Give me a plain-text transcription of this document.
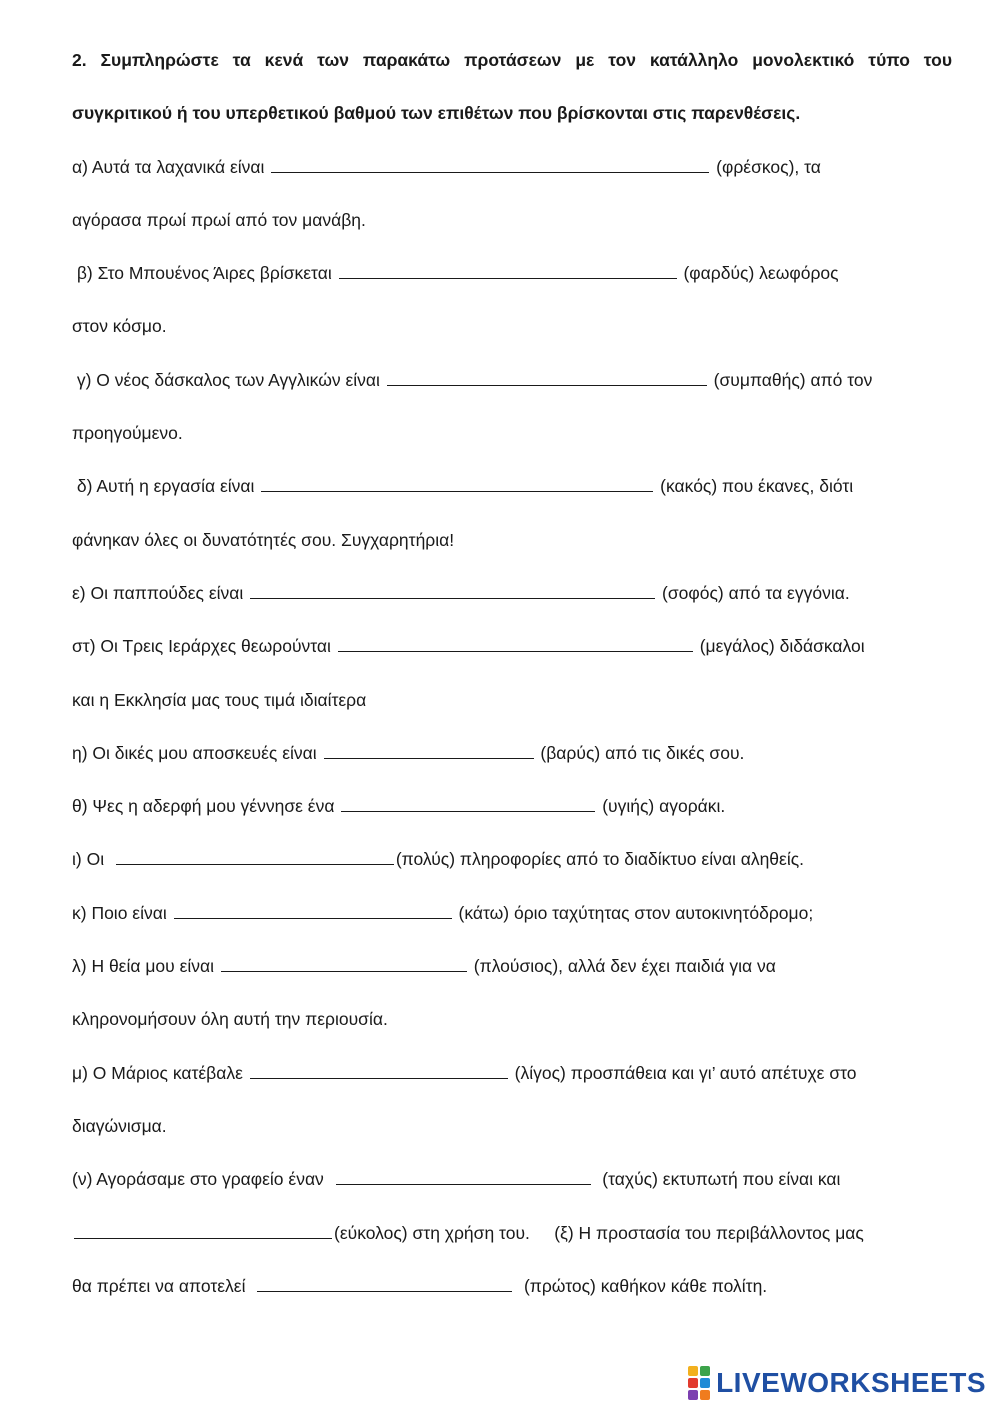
2. Συμπληρώστε τα κενά των παρακάτω προτάσεων με τον κατάλληλο μονολεκτικό τύπο του
συγκριτικού ή του υπερθετικού βαθμού των επιθέτων που βρίσκονται στις παρενθέσεις.
α) Αυτά τα λαχανικά είναι	(φρέσκος), τα
αγόρασα πρωί πρωί από τον μανάβη.
β) Στο Μπουένος Άιρες βρίσκεται	(φαρδύς) λεωφόρος
στον κόσμο.
γ) Ο νέος δάσκαλος των Αγγλικών είναι	(συμπαθής) από τον
προηγούμενο.
δ) Αυτή η εργασία είναι	(κακός) που έκανες, διότι
φάνηκαν όλες οι δυνατότητές σου. Συγχαρητήρια!
ε) Οι παππούδες είναι	(σοφός) από τα εγγόνια.
στ) Οι Τρεις Ιεράρχες θεωρούνται	(μεγάλος) διδάσκαλοι
και η Εκκλησία μας τους τιμά ιδιαίτερα
η) Οι δικές μου αποσκευές είναι	(βαρύς) από τις δικές σου.
θ) Ψες η αδερφή μου γέννησε ένα	(υγιής) αγοράκι.
ι) Οι	(πολύς) πληροφορίες από το διαδίκτυο είναι αληθείς.
κ) Ποιο είναι	(κάτω) όριο ταχύτητας στον αυτοκινητόδρομο;
λ) Η θεία μου είναι	(πλούσιος), αλλά δεν έχει παιδιά για να
κληρονομήσουν όλη αυτή την περιουσία.
μ) Ο Μάριος κατέβαλε	(λίγος) προσπάθεια και γι’ αυτό απέτυχε στο
διαγώνισμα.
(ν) Αγοράσαμε στο γραφείο έναν	(ταχύς) εκτυπωτή που είναι και
(εύκολος) στη χρήση του. (ξ) Η προστασία του περιβάλλοντος μας
θα πρέπει να αποτελεί	(πρώτος) καθήκον κάθε πολίτη.
LIVEWORKSHEETS
